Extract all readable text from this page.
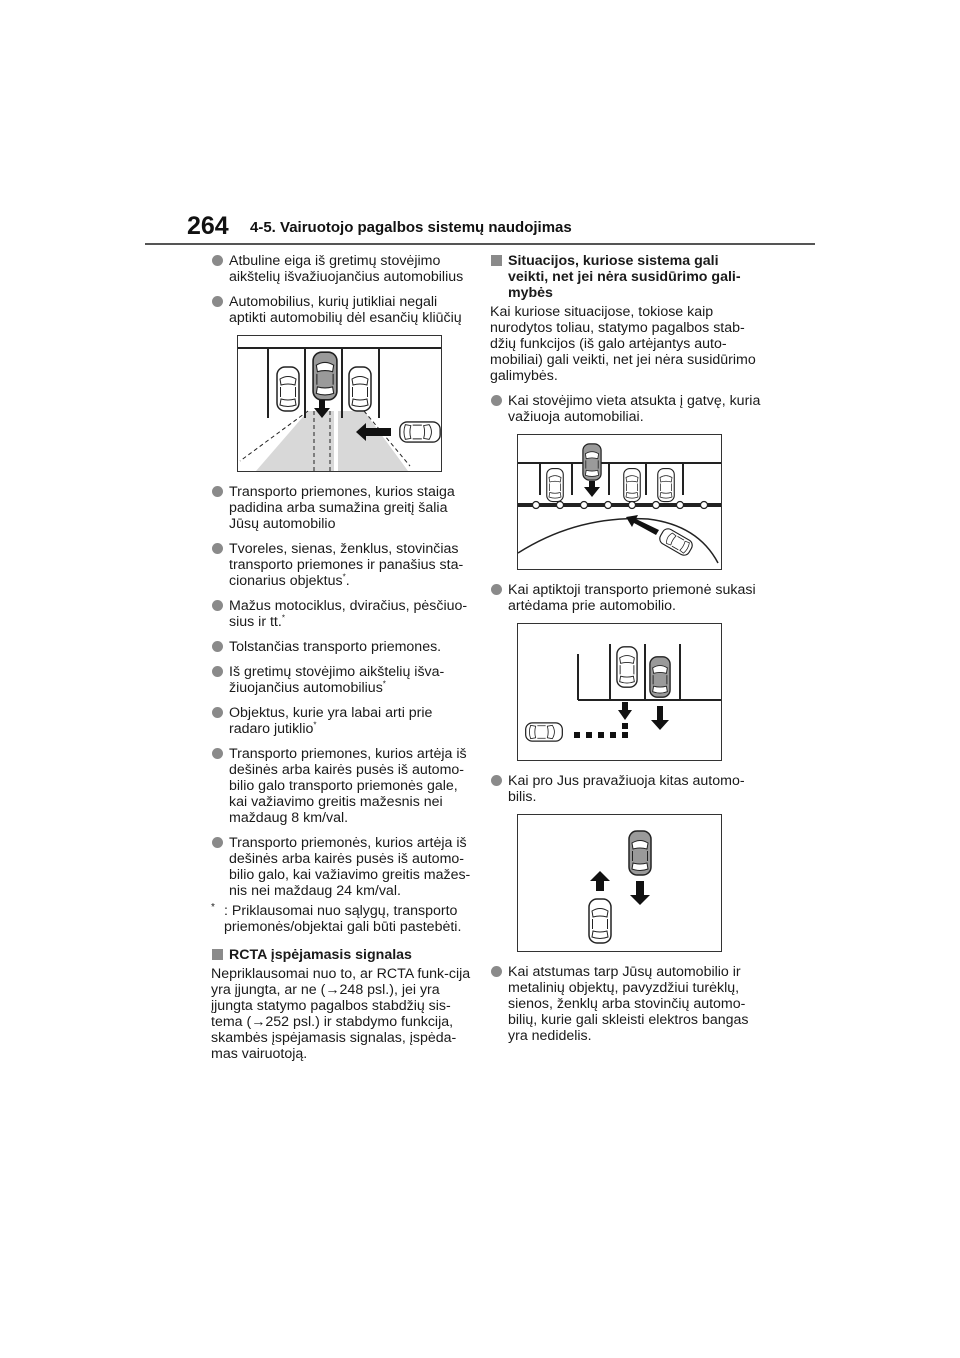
264 4-5. Vairuotojo pagalbos sistemų naudojimas
Atbuline eiga iš gretimų stovėjimo aikštelių išvažiuojančius automobilius
Automobilius, kurių jutikliai negali aptikti automobilių dėl esančių kliūčių
Transporto priemones, kurios staiga padidina arba sumažina greitį šalia Jūsų automobilio
Tvoreles, sienas, ženklus, stovinčias transporto priemones ir panašius sta-cionarius objektus*.
Mažus motociklus, dviračius, pėsčiuo-sius ir tt.*
Tolstančias transporto priemones.
Iš gretimų stovėjimo aikštelių išva-žiuojančius automobilius*
Objektus, kurie yra labai arti prie radaro jutiklio*
Transporto priemones, kurios artėja iš dešinės arba kairės pusės iš automo-bilio galo transporto priemonės gale, kai važiavimo greitis mažesnis nei maždaug 8 km/val.
Transporto priemonės, kurios artėja iš dešinės arba kairės pusės iš automo-bilio galo, kai važiavimo greitis mažes-nis nei maždaug 24 km/val.
* : Priklausomai nuo sąlygų, transporto priemonės/objektai gali būti pastebėti.
RCTA įspėjamasis signalas
Nepriklausomai nuo to, ar RCTA funk-cija yra įjungta, ar ne (→248 psl.), jei yra įjungta statymo pagalbos stabdžių sis-tema (→252 psl.) ir stabdymo funkcija, skambės įspėjamasis signalas, įspėda-mas vairuotoją.
Situacijos, kuriose sistema gali veikti, net jei nėra susidūrimo gali-mybės
Kai kuriose situacijose, tokiose kaip nurodytos toliau, statymo pagalbos stab-džių funkcijos (iš galo artėjantys auto-mobiliai) gali veikti, net jei nėra susidūrimo galimybės.
Kai stovėjimo vieta atsukta į gatvę, kuria važiuoja automobiliai.
Kai aptiktoji transporto priemonė sukasi artėdama prie automobilio.
Kai pro Jus pravažiuoja kitas automo-bilis.
Kai atstumas tarp Jūsų automobilio ir metalinių objektų, pavyzdžiui turėklų, sienos, ženklų arba stovinčių automo-bilių, kurie gali skleisti elektros bangas yra nedidelis.
